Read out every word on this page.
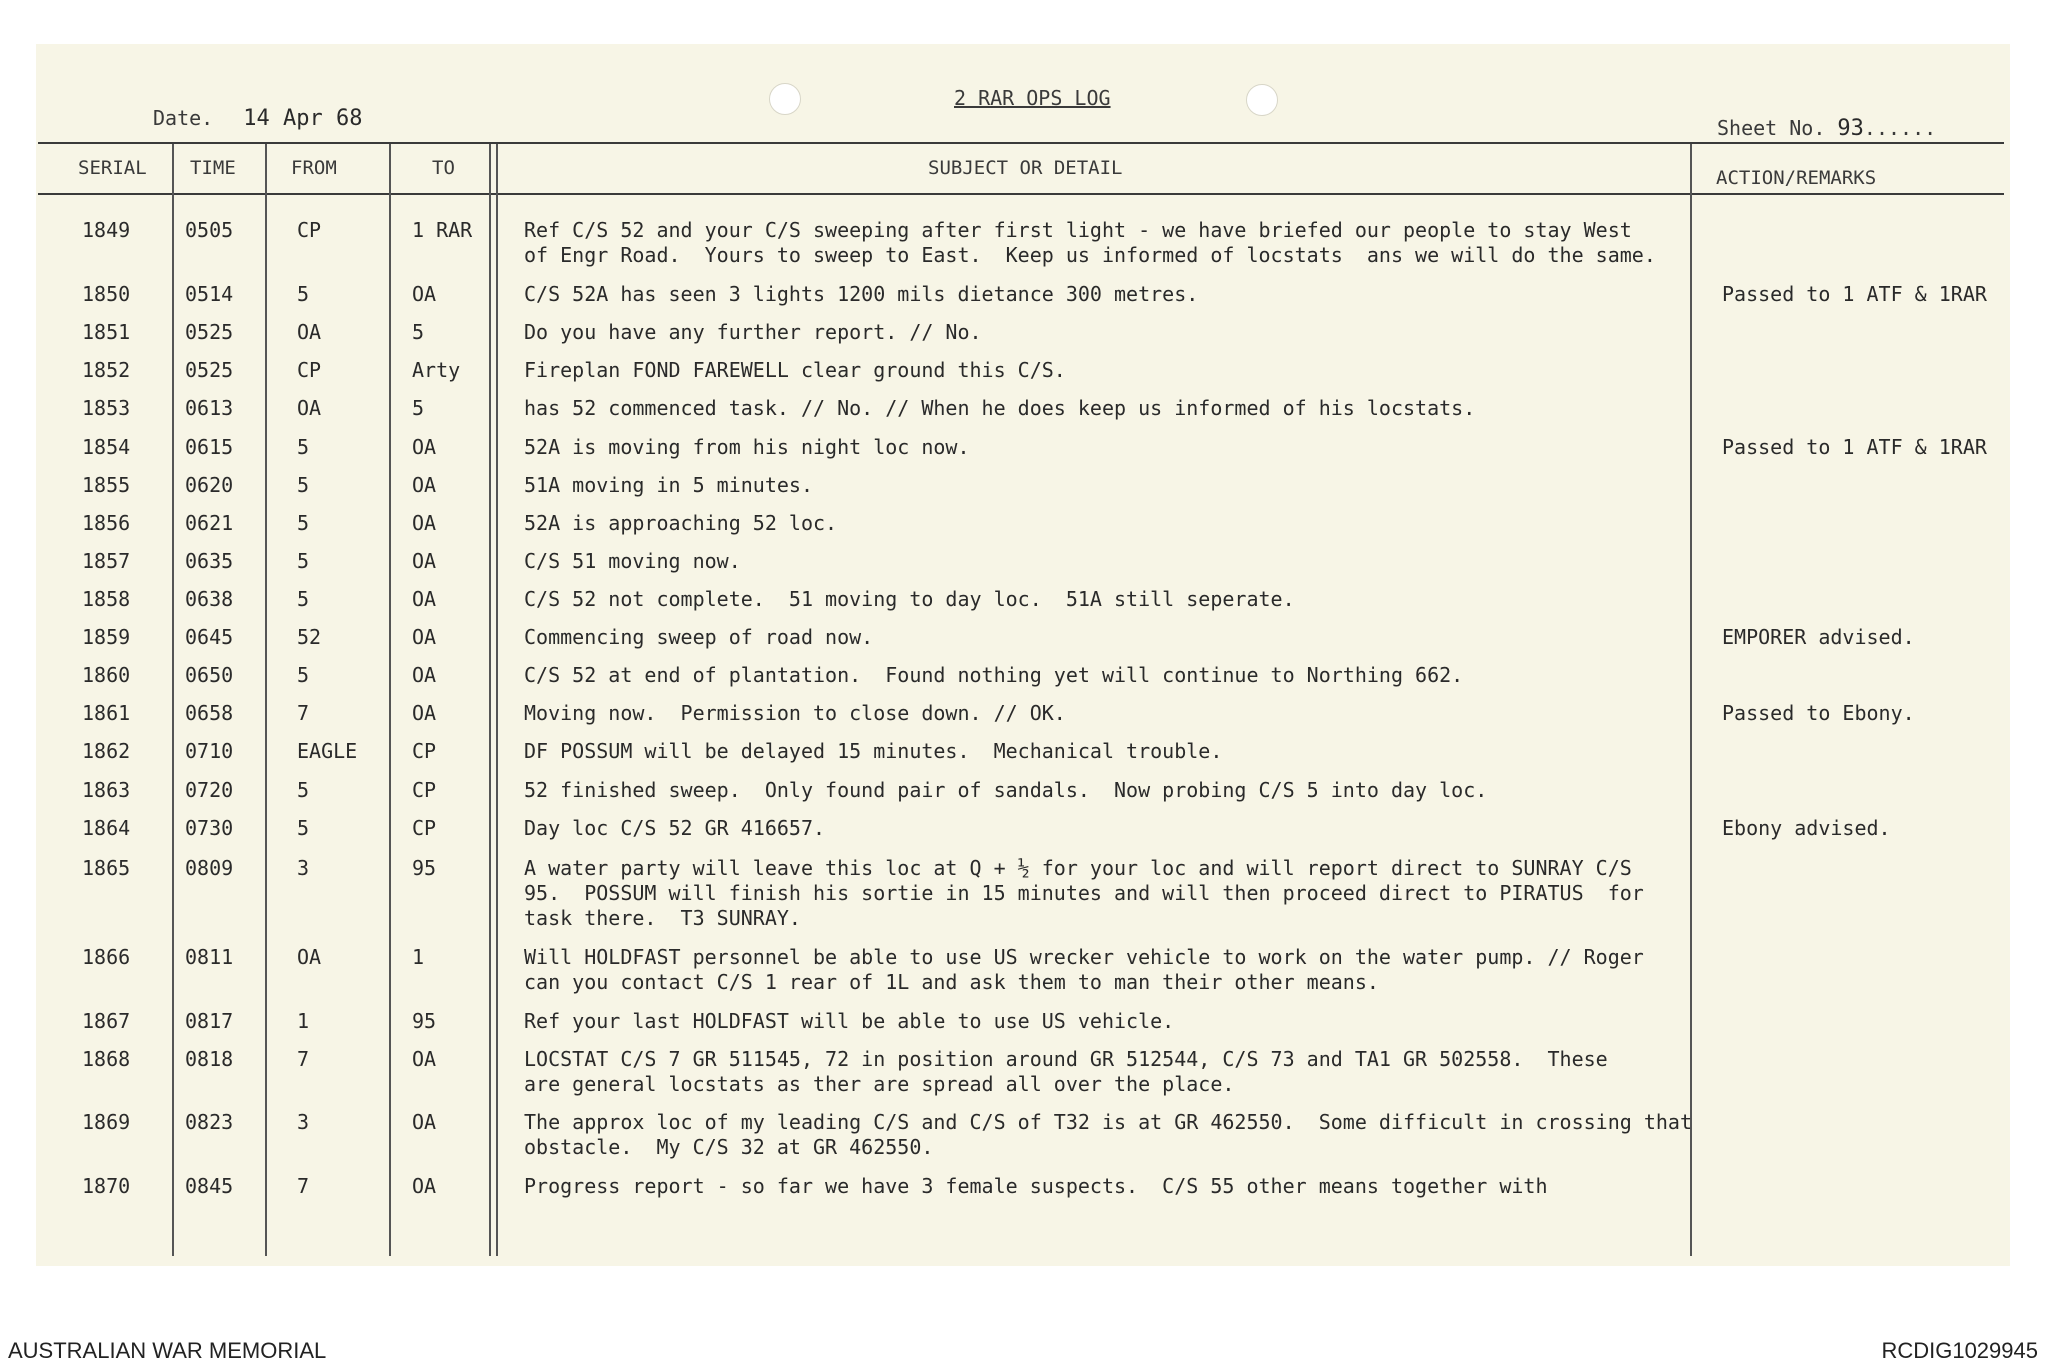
Date. 14 Apr 68
2 RAR OPS LOG
Sheet No. 93......
SERIAL TIME	FROM	TO	SUBJECT OR DETAIL	ACTION/REMARKS
1849	0505	CP	1 RAR	Ref C/S 52 and your C/S sweeping after first light - we have briefed our people to stay West
of Engr Road.  Yours to sweep to East.  Keep us informed of locstats  ans we will do the same.
1850	0514	5	OA	C/S 52A has seen 3 lights 1200 mils dietance 300 metres.	Passed to 1 ATF & 1RAR
1851	0525	OA	5	Do you have any further report. // No.
1852	0525	CP	Arty	Fireplan FOND FAREWELL clear ground this C/S.
1853	0613	OA	5	has 52 commenced task. // No. // When he does keep us informed of his locstats.
1854	0615	5	OA	52A is moving from his night loc now.	Passed to 1 ATF & 1RAR
1855	0620	5	OA	51A moving in 5 minutes.
1856	0621	5	OA	52A is approaching 52 loc.
1857	0635	5	OA	C/S 51 moving now.
1858	0638	5	OA	C/S 52 not complete.  51 moving to day loc.  51A still seperate.
1859	0645	52	OA	Commencing sweep of road now.	EMPORER advised.
1860	0650	5	OA	C/S 52 at end of plantation.  Found nothing yet will continue to Northing 662.
1861	0658	7	OA	Moving now.  Permission to close down. // OK.	Passed to Ebony.
1862	0710	EAGLE	CP	DF POSSUM will be delayed 15 minutes.  Mechanical trouble.
1863	0720	5	CP	52 finished sweep.  Only found pair of sandals.  Now probing C/S 5 into day loc.
1864	0730	5	CP	Day loc C/S 52 GR 416657.	Ebony advised.
1865	0809	3	95	A water party will leave this loc at Q + ½ for your loc and will report direct to SUNRAY C/S
95.  POSSUM will finish his sortie in 15 minutes and will then proceed direct to PIRATUS  for
task there.  T3 SUNRAY.
1866	0811	OA	1	Will HOLDFAST personnel be able to use US wrecker vehicle to work on the water pump. // Roger
can you contact C/S 1 rear of 1L and ask them to man their other means.
1867	0817	1	95	Ref your last HOLDFAST will be able to use US vehicle.
1868	0818	7	OA	LOCSTAT C/S 7 GR 511545, 72 in position around GR 512544, C/S 73 and TA1 GR 502558.  These
are general locstats as ther are spread all over the place.
1869	0823	3	OA	The approx loc of my leading C/S and C/S of T32 is at GR 462550.  Some difficult in crossing that
obstacle.  My C/S 32 at GR 462550.
1870	0845	7	OA	Progress report - so far we have 3 female suspects.  C/S 55 other means together with
AUSTRALIAN WAR MEMORIAL	RCDIG1029945
